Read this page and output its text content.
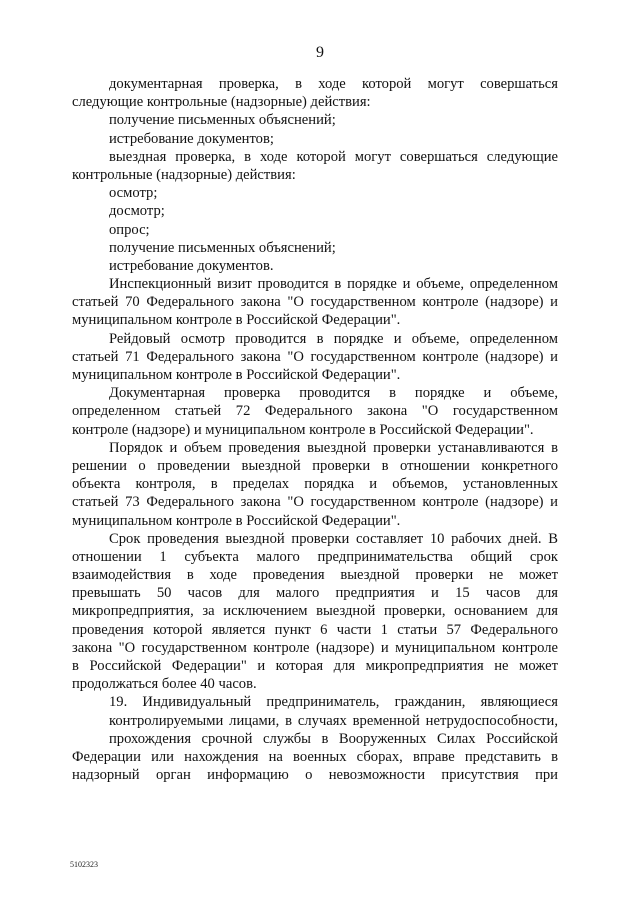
9
документарная проверка, в ходе которой могут совершаться
следующие контрольные (надзорные) действия:
получение письменных объяснений;
истребование документов;
выездная проверка, в ходе которой могут совершаться следующие
контрольные (надзорные) действия:
осмотр;
досмотр;
опрос;
получение письменных объяснений;
истребование документов.
Инспекционный визит проводится в порядке и объеме, определенном
статьей 70 Федерального закона "О государственном контроле (надзоре) и
муниципальном контроле в Российской Федерации".
Рейдовый осмотр проводится в порядке и объеме, определенном
статьей 71 Федерального закона "О государственном контроле (надзоре) и
муниципальном контроле в Российской Федерации".
Документарная проверка проводится в порядке и объеме,
определенном статьей 72 Федерального закона "О государственном
контроле (надзоре) и муниципальном контроле в Российской Федерации".
Порядок и объем проведения выездной проверки устанавливаются в
решении о проведении выездной проверки в отношении конкретного
объекта контроля, в пределах порядка и объемов, установленных
статьей 73 Федерального закона "О государственном контроле (надзоре) и
муниципальном контроле в Российской Федерации".
Срок проведения выездной проверки составляет 10 рабочих дней. В
отношении 1 субъекта малого предпринимательства общий срок
взаимодействия в ходе проведения выездной проверки не может
превышать 50 часов для малого предприятия и 15 часов для
микропредприятия, за исключением выездной проверки, основанием для
проведения которой является пункт 6 части 1 статьи 57 Федерального
закона "О государственном контроле (надзоре) и муниципальном контроле
в Российской Федерации" и которая для микропредприятия не может
продолжаться более 40 часов.
19. Индивидуальный предприниматель, гражданин, являющиеся
контролируемыми лицами, в случаях временной нетрудоспособности,
прохождения срочной службы в Вооруженных Силах Российской
Федерации или нахождения на военных сборах, вправе представить в
надзорный орган информацию о невозможности присутствия при
5102323
